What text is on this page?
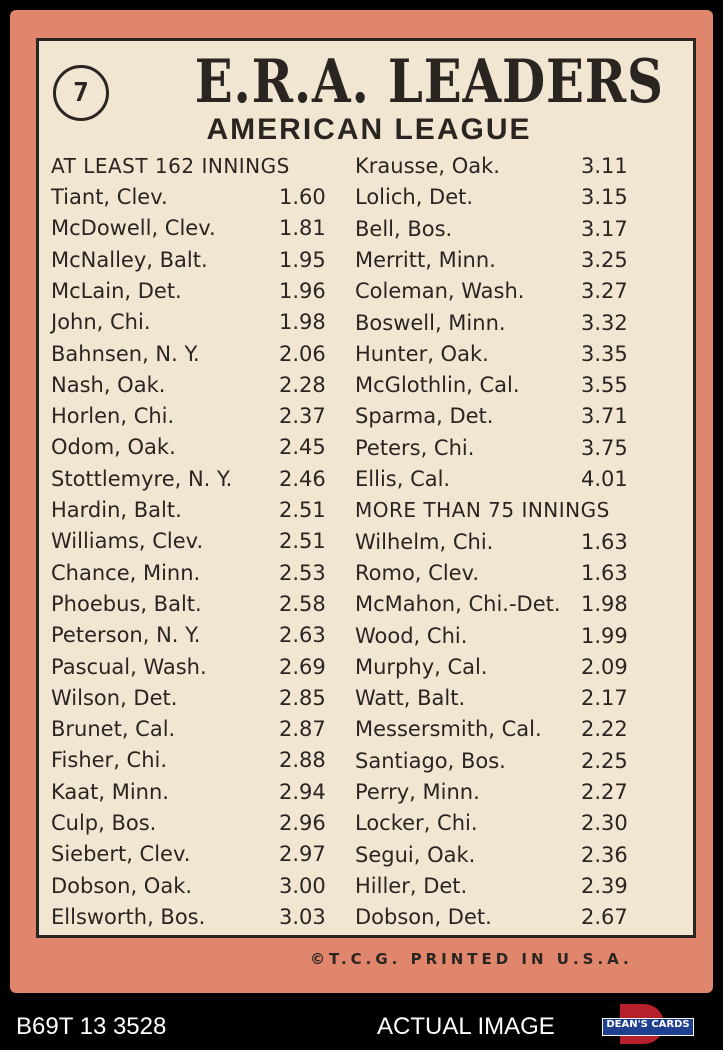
7	E.R.A. LEADERS
AMERICAN LEAGUE
AT LEAST 162 INNINGS
Tiant, Clev.	1.60
McDowell, Clev.	1.81
McNalley, Balt.	1.95
McLain, Det.	1.96
John, Chi.	1.98
Bahnsen, N. Y.	2.06
Nash, Oak.	2.28
Horlen, Chi.	2.37
Odom, Oak.	2.45
Stottlemyre, N. Y. 2.46
Hardin, Balt.	2.51
Williams, Clev.	2.51
Chance, Minn.	2.53
Phoebus, Balt.	2.58
Peterson, N. Y.	2.63
Pascual, Wash.	2.69
Wilson, Det.	2.85
Brunet, Cal.	2.87
Fisher, Chi.	2.88
Kaat, Minn.	2.94
Culp, Bos.	2.96
Siebert, Clev.	2.97
Dobson, Oak.	3.00
Ellsworth, Bos.	3.03
Krausse, Oak.	3.11
Lolich, Det.	3.15
Bell, Bos.	3.17
Merritt, Minn.	3.25
Coleman, Wash.	3.27
Boswell, Minn.	3.32
Hunter, Oak.	3.35
McGlothlin, Cal.	3.55
Sparma, Det.	3.71
Peters, Chi.	3.75
Ellis, Cal.	4.01
MORE THAN 75 INNINGS
Wilhelm, Chi.	1.63
Romo, Clev.	1.63
McMahon, Chi.-Det. 1.98
Wood, Chi.	1.99
Murphy, Cal.	2.09
Watt, Balt.	2.17
Messersmith, Cal. 2.22
Santiago, Bos.	2.25
Perry, Minn.	2.27
Locker, Chi.	2.30
Segui, Oak.	2.36
Hiller, Det.	2.39
Dobson, Det.	2.67
©T.C.G. PRINTED IN U.S.A.
B69T 13 3528	ACTUAL IMAGE	DEAN'S CARDS
